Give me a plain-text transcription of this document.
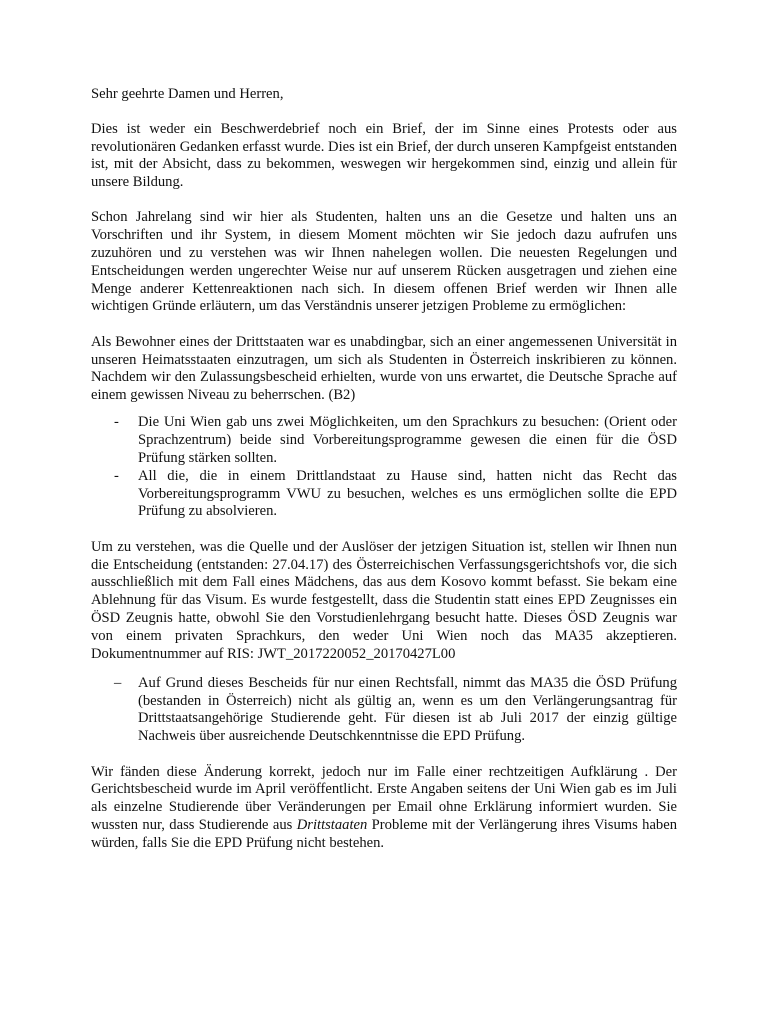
Sehr geehrte Damen und Herren,

Dies ist weder ein Beschwerdebrief noch ein Brief, der im Sinne eines Protests oder aus revolutionären Gedanken erfasst wurde. Dies ist ein Brief, der durch unseren Kampfgeist entstanden ist, mit der Absicht, dass zu bekommen, weswegen wir hergekommen sind, einzig und allein für unsere Bildung.

Schon Jahrelang sind wir hier als Studenten, halten uns an die Gesetze und halten uns an Vorschriften und ihr System, in diesem Moment möchten wir Sie jedoch dazu aufrufen uns zuzuhören und zu verstehen was wir Ihnen nahelegen wollen. Die neuesten Regelungen und Entscheidungen werden ungerechter Weise nur auf unserem Rücken ausgetragen und ziehen eine Menge anderer Kettenreaktionen nach sich. In diesem offenen Brief werden wir Ihnen alle wichtigen Gründe erläutern, um das Verständnis unserer jetzigen Probleme zu ermöglichen:

Als Bewohner eines der Drittstaaten war es unabdingbar, sich an einer angemessenen Universität in unseren Heimatsstaaten einzutragen, um sich als Studenten in Österreich inskribieren zu können. Nachdem wir den Zulassungsbescheid erhielten, wurde von uns erwartet, die Deutsche Sprache auf einem gewissen Niveau zu beherrschen. (B2)

- Die Uni Wien gab uns zwei Möglichkeiten, um den Sprachkurs zu besuchen: (Orient oder Sprachzentrum) beide sind Vorbereitungsprogramme gewesen die einen für die ÖSD Prüfung stärken sollten.
- All die, die in einem Drittlandstaat zu Hause sind, hatten nicht das Recht das Vorbereitungsprogramm VWU zu besuchen, welches es uns ermöglichen sollte die EPD Prüfung zu absolvieren.

Um zu verstehen, was die Quelle und der Auslöser der jetzigen Situation ist, stellen wir Ihnen nun die Entscheidung (entstanden: 27.04.17) des Österreichischen Verfassungsgerichtshofs vor, die sich ausschließlich mit dem Fall eines Mädchens, das aus dem Kosovo kommt befasst. Sie bekam eine Ablehnung für das Visum. Es wurde festgestellt, dass die Studentin statt eines EPD Zeugnisses ein ÖSD Zeugnis hatte, obwohl Sie den Vorstudienlehrgang besucht hatte. Dieses ÖSD Zeugnis war von einem privaten Sprachkurs, den weder Uni Wien noch das MA35 akzeptieren. Dokumentnummer auf RIS: JWT_2017220052_20170427L00

– Auf Grund dieses Bescheids für nur einen Rechtsfall, nimmt das MA35 die ÖSD Prüfung (bestanden in Österreich) nicht als gültig an, wenn es um den Verlängerungsantrag für Drittstaatsangehörige Studierende geht. Für diesen ist ab Juli 2017 der einzig gültige Nachweis über ausreichende Deutschkenntnisse die EPD Prüfung.

Wir fänden diese Änderung korrekt, jedoch nur im Falle einer rechtzeitigen Aufklärung . Der Gerichtsbescheid wurde im April veröffentlicht. Erste Angaben seitens der Uni Wien gab es im Juli als einzelne Studierende über Veränderungen per Email ohne Erklärung informiert wurden. Sie wussten nur, dass Studierende aus Drittstaaten Probleme mit der Verlängerung ihres Visums haben würden, falls Sie die EPD Prüfung nicht bestehen.
